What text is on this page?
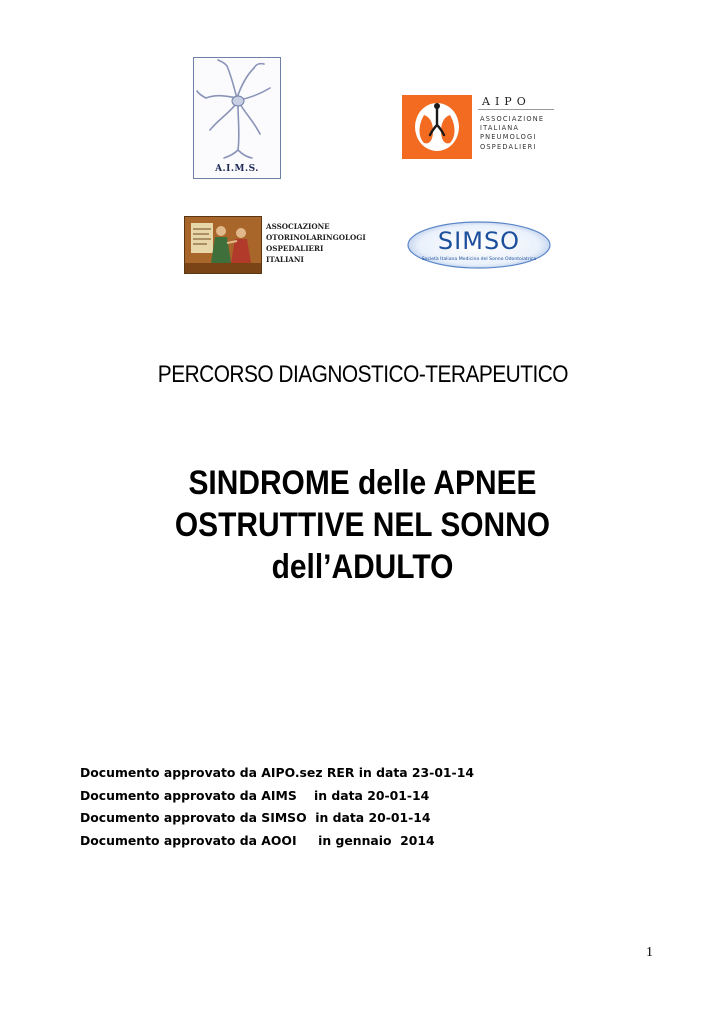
A.I.M.S.
AIPO
ASSOCIAZIONE
ITALIANA
PNEUMOLOGI
OSPEDALIERI
ASSOCIAZIONE
OTORINOLARINGOLOGI
OSPEDALIERI
ITALIANI
SIMSO
Società Italiana Medicina del Sonno Odontoiatrica
PERCORSO DIAGNOSTICO-TERAPEUTICO
SINDROME delle APNEE
OSTRUTTIVE NEL SONNO
dell’ADULTO
Documento approvato da AIPO.sez RER in data 23-01-14
Documento approvato da AIMS    in data 20-01-14
Documento approvato da SIMSO  in data 20-01-14
Documento approvato da AOOI     in gennaio  2014
1
